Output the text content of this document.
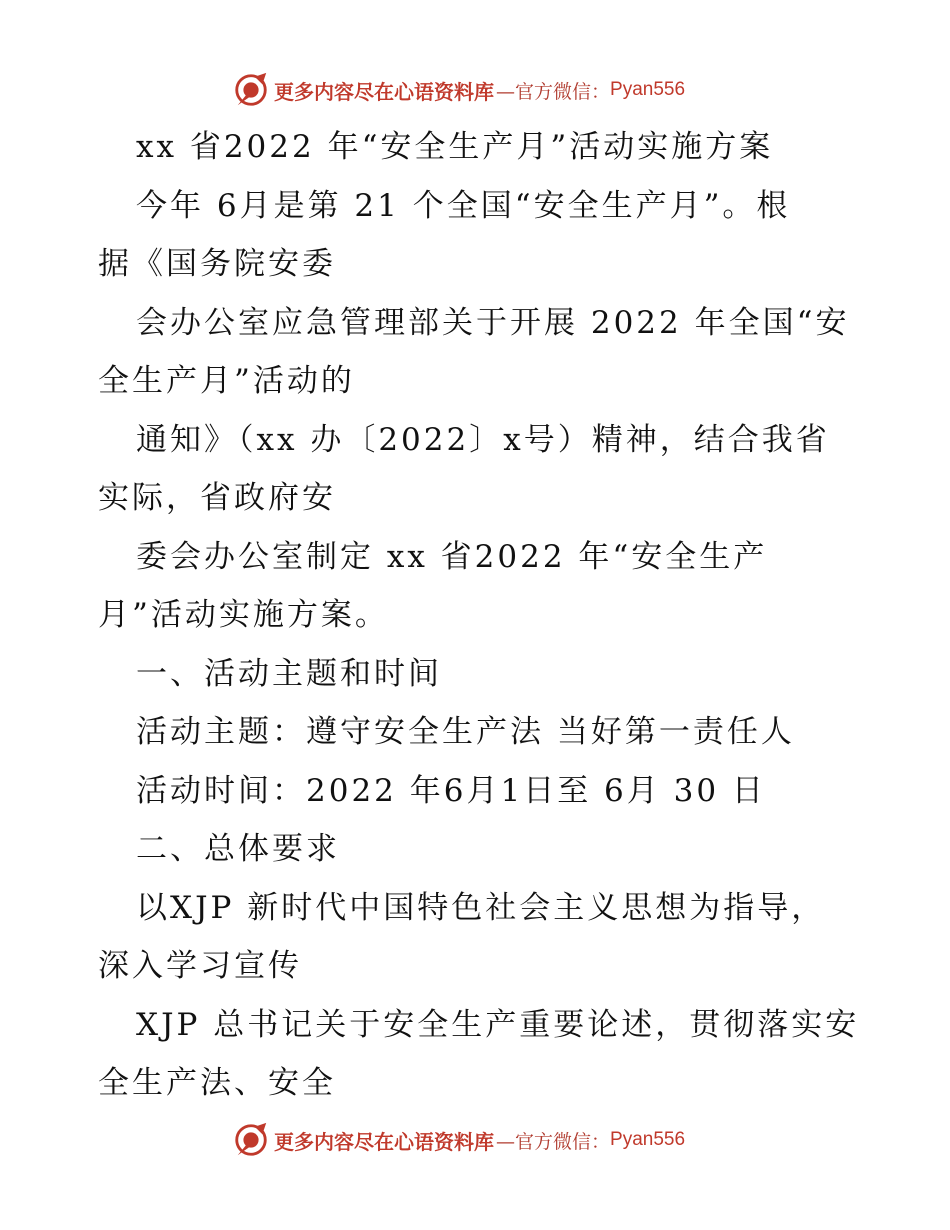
更多内容尽在心语资料库 —官方微信： Pyan556
xx 省2022 年“安全生产月”活动实施方案
今年 6月是第 21 个全国“安全生产月”。根
据《国务院安委
会办公室应急管理部关于开展 2022 年全国“安
全生产月”活动的
通知》（xx 办〔2022〕x号）精神，结合我省
实际，省政府安
委会办公室制定 xx 省2022 年“安全生产
月”活动实施方案。
一、活动主题和时间
活动主题：遵守安全生产法 当好第一责任人
活动时间：2022 年6月1日至 6月 30 日
二、总体要求
以XJP 新时代中国特色社会主义思想为指导，
深入学习宣传
XJP 总书记关于安全生产重要论述，贯彻落实安
全生产法、安全
更多内容尽在心语资料库 —官方微信： Pyan556
